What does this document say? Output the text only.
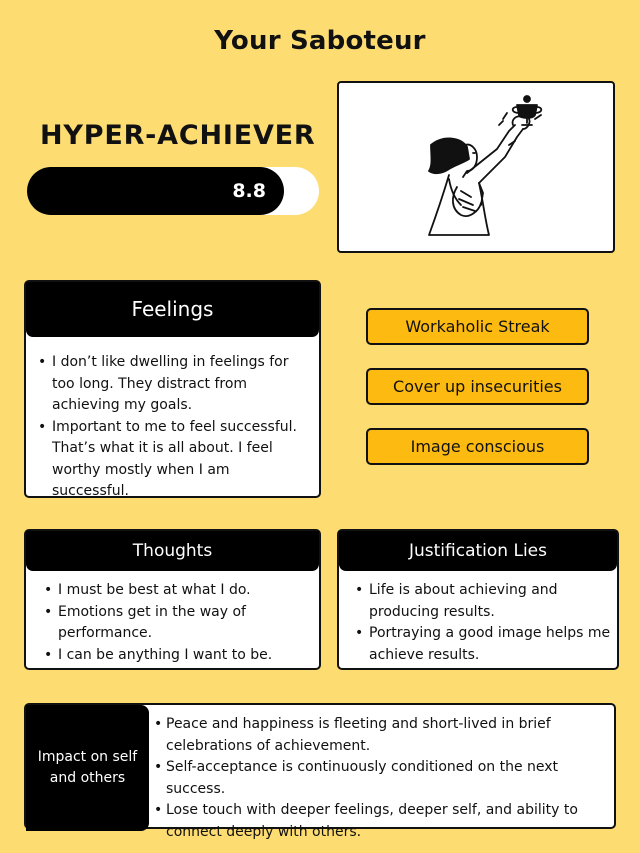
Your Saboteur
HYPER-ACHIEVER
8.8
Feelings
• I don’t like dwelling in feelings for too long. They distract from achieving my goals.
• Important to me to feel successful. That’s what it is all about. I feel worthy mostly when I am successful.
Workaholic Streak
Cover up insecurities
Image conscious
Thoughts
• I must be best at what I do.
• Emotions get in the way of performance.
• I can be anything I want to be.
Justification Lies
• Life is about achieving and producing results.
• Portraying a good image helps me achieve results.
Impact on self and others
• Peace and happiness is fleeting and short-lived in brief celebrations of achievement.
• Self-acceptance is continuously conditioned on the next success.
• Lose touch with deeper feelings, deeper self, and ability to connect deeply with others.
